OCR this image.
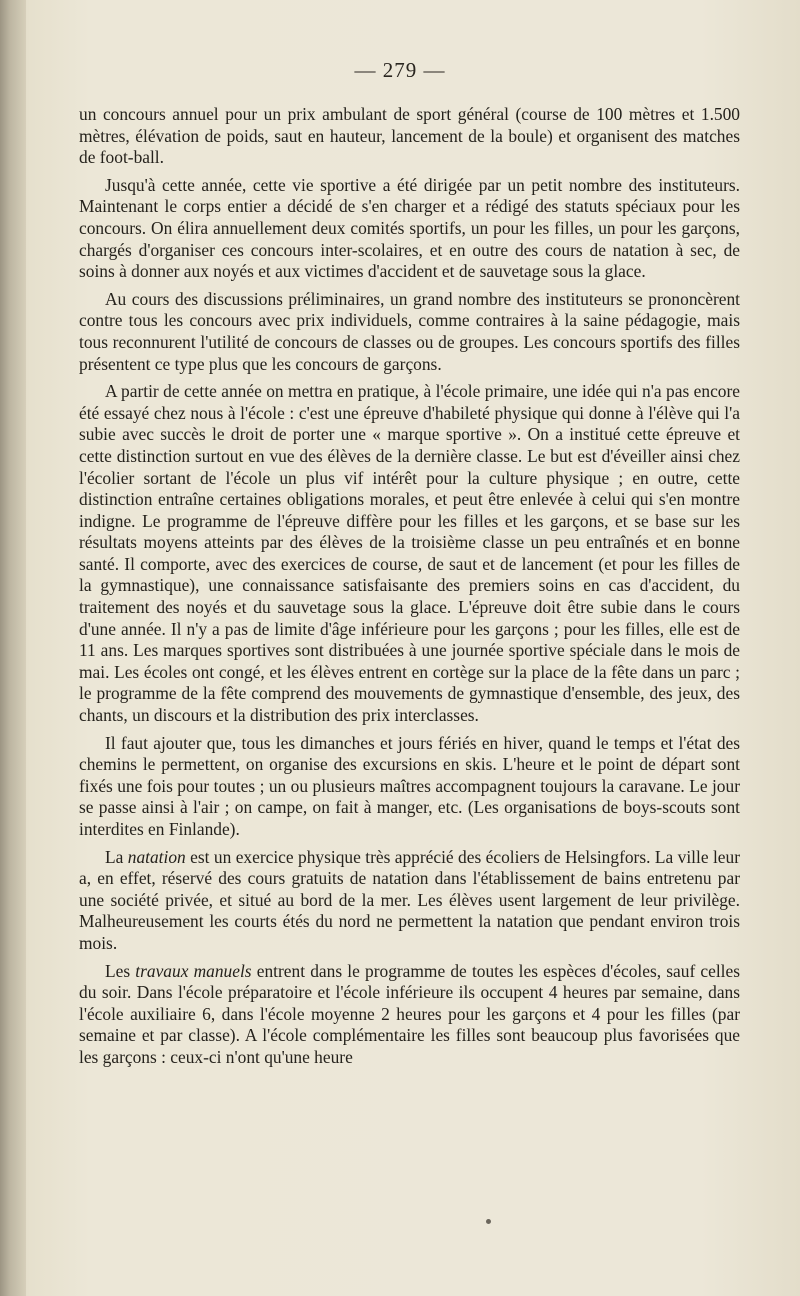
— 279 —

un concours annuel pour un prix ambulant de sport général (course de 100 mètres et 1.500 mètres, élévation de poids, saut en hauteur, lancement de la boule) et organisent des matches de foot-ball.

Jusqu'à cette année, cette vie sportive a été dirigée par un petit nombre des instituteurs. Maintenant le corps entier a décidé de s'en charger et a rédigé des statuts spéciaux pour les concours. On élira annuellement deux comités sportifs, un pour les filles, un pour les garçons, chargés d'organiser ces concours inter-scolaires, et en outre des cours de natation à sec, de soins à donner aux noyés et aux victimes d'accident et de sauvetage sous la glace.

Au cours des discussions préliminaires, un grand nombre des instituteurs se prononcèrent contre tous les concours avec prix individuels, comme contraires à la saine pédagogie, mais tous reconnurent l'utilité de concours de classes ou de groupes. Les concours sportifs des filles présentent ce type plus que les concours de garçons.

A partir de cette année on mettra en pratique, à l'école primaire, une idée qui n'a pas encore été essayé chez nous à l'école : c'est une épreuve d'habileté physique qui donne à l'élève qui l'a subie avec succès le droit de porter une « marque sportive ». On a institué cette épreuve et cette distinction surtout en vue des élèves de la dernière classe. Le but est d'éveiller ainsi chez l'écolier sortant de l'école un plus vif intérêt pour la culture physique ; en outre, cette distinction entraîne certaines obligations morales, et peut être enlevée à celui qui s'en montre indigne. Le programme de l'épreuve diffère pour les filles et les garçons, et se base sur les résultats moyens atteints par des élèves de la troisième classe un peu entraînés et en bonne santé. Il comporte, avec des exercices de course, de saut et de lancement (et pour les filles de la gymnastique), une connaissance satisfaisante des premiers soins en cas d'accident, du traitement des noyés et du sauvetage sous la glace. L'épreuve doit être subie dans le cours d'une année. Il n'y a pas de limite d'âge inférieure pour les garçons ; pour les filles, elle est de 11 ans. Les marques sportives sont distribuées à une journée sportive spéciale dans le mois de mai. Les écoles ont congé, et les élèves entrent en cortège sur la place de la fête dans un parc ; le programme de la fête comprend des mouvements de gymnastique d'ensemble, des jeux, des chants, un discours et la distribution des prix interclasses.

Il faut ajouter que, tous les dimanches et jours fériés en hiver, quand le temps et l'état des chemins le permettent, on organise des excursions en skis. L'heure et le point de départ sont fixés une fois pour toutes ; un ou plusieurs maîtres accompagnent toujours la caravane. Le jour se passe ainsi à l'air ; on campe, on fait à manger, etc. (Les organisations de boys-scouts sont interdites en Finlande).

La natation est un exercice physique très apprécié des écoliers de Helsingfors. La ville leur a, en effet, réservé des cours gratuits de natation dans l'établissement de bains entretenu par une société privée, et situé au bord de la mer. Les élèves usent largement de leur privilège. Malheureusement les courts étés du nord ne permettent la natation que pendant environ trois mois.

Les travaux manuels entrent dans le programme de toutes les espèces d'écoles, sauf celles du soir. Dans l'école préparatoire et l'école inférieure ils occupent 4 heures par semaine, dans l'école auxiliaire 6, dans l'école moyenne 2 heures pour les garçons et 4 pour les filles (par semaine et par classe). A l'école complémentaire les filles sont beaucoup plus favorisées que les garçons : ceux-ci n'ont qu'une heure
